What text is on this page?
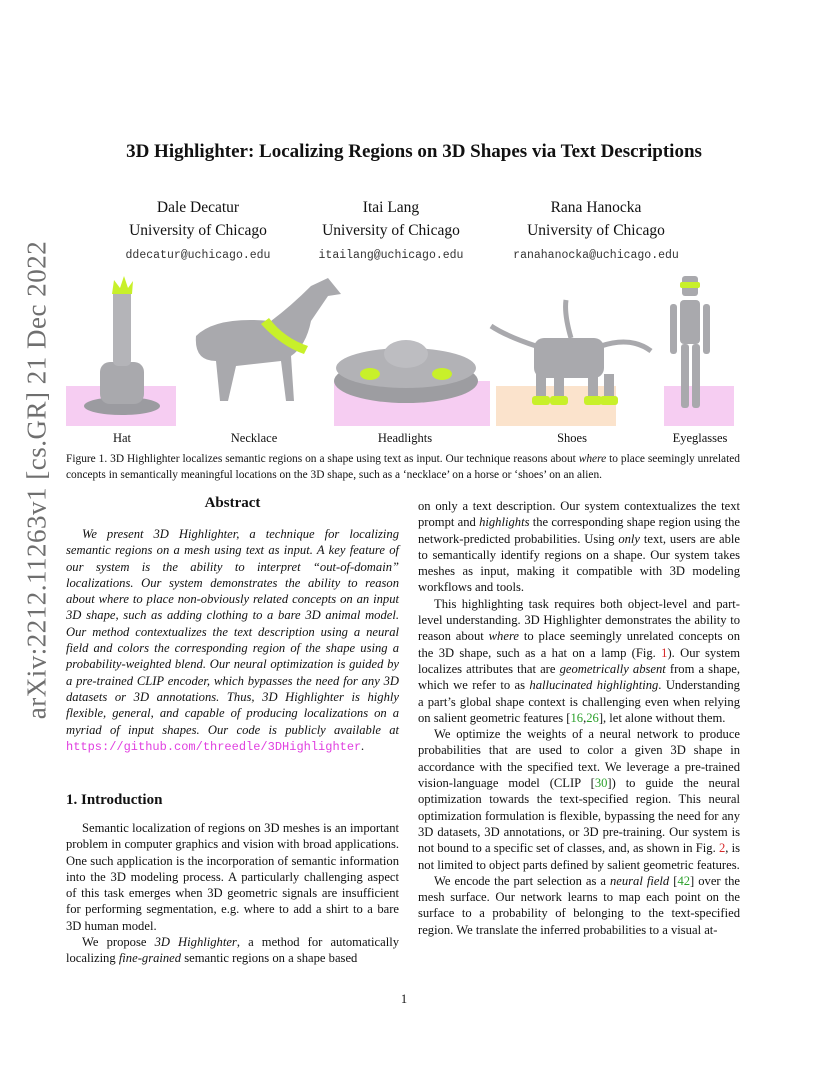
arXiv:2212.11263v1 [cs.GR] 21 Dec 2022
3D Highlighter: Localizing Regions on 3D Shapes via Text Descriptions
Dale Decatur
University of Chicago
ddecatur@uchicago.edu
Itai Lang
University of Chicago
itailang@uchicago.edu
Rana Hanocka
University of Chicago
ranahanocka@uchicago.edu
Hat	Necklace	Headlights	Shoes	Eyeglasses
Figure 1. 3D Highlighter localizes semantic regions on a shape using text as input. Our technique reasons about where to place seemingly unrelated concepts in semantically meaningful locations on the 3D shape, such as a ‘necklace’ on a horse or ‘shoes’ on an alien.
Abstract

We present 3D Highlighter, a technique for localizing semantic regions on a mesh using text as input. A key feature of our system is the ability to interpret “out-of-domain” localizations. Our system demonstrates the ability to reason about where to place non-obviously related concepts on an input 3D shape, such as adding clothing to a bare 3D animal model. Our method contextualizes the text description using a neural field and colors the corresponding region of the shape using a probability-weighted blend. Our neural optimization is guided by a pre-trained CLIP encoder, which bypasses the need for any 3D datasets or 3D annotations. Thus, 3D Highlighter is highly flexible, general, and capable of producing localizations on a myriad of input shapes. Our code is publicly available at https://github.com/threedle/3DHighlighter.

1. Introduction

Semantic localization of regions on 3D meshes is an important problem in computer graphics and vision with broad applications. One such application is the incorporation of semantic information into the 3D modeling process. A particularly challenging aspect of this task emerges when 3D geometric signals are insufficient for performing segmentation, e.g. where to add a shirt to a bare 3D human model.

We propose 3D Highlighter, a method for automatically localizing fine-grained semantic regions on a shape based

on only a text description. Our system contextualizes the text prompt and highlights the corresponding shape region using the network-predicted probabilities. Using only text, users are able to semantically identify regions on a shape. Our system takes meshes as input, making it compatible with 3D modeling workflows and tools.

This highlighting task requires both object-level and part-level understanding. 3D Highlighter demonstrates the ability to reason about where to place seemingly unrelated concepts on the 3D shape, such as a hat on a lamp (Fig. 1). Our system localizes attributes that are geometrically absent from a shape, which we refer to as hallucinated highlighting. Understanding a part’s global shape context is challenging even when relying on salient geometric features [16,26], let alone without them.

We optimize the weights of a neural network to produce probabilities that are used to color a given 3D shape in accordance with the specified text. We leverage a pre-trained vision-language model (CLIP [30]) to guide the neural optimization towards the text-specified region. This neural optimization formulation is flexible, bypassing the need for any 3D datasets, 3D annotations, or 3D pre-training. Our system is not bound to a specific set of classes, and, as shown in Fig. 2, is not limited to object parts defined by salient geometric features.

We encode the part selection as a neural field [42] over the mesh surface. Our network learns to map each point on the surface to a probability of belonging to the text-specified region. We translate the inferred probabilities to a visual at-

1
